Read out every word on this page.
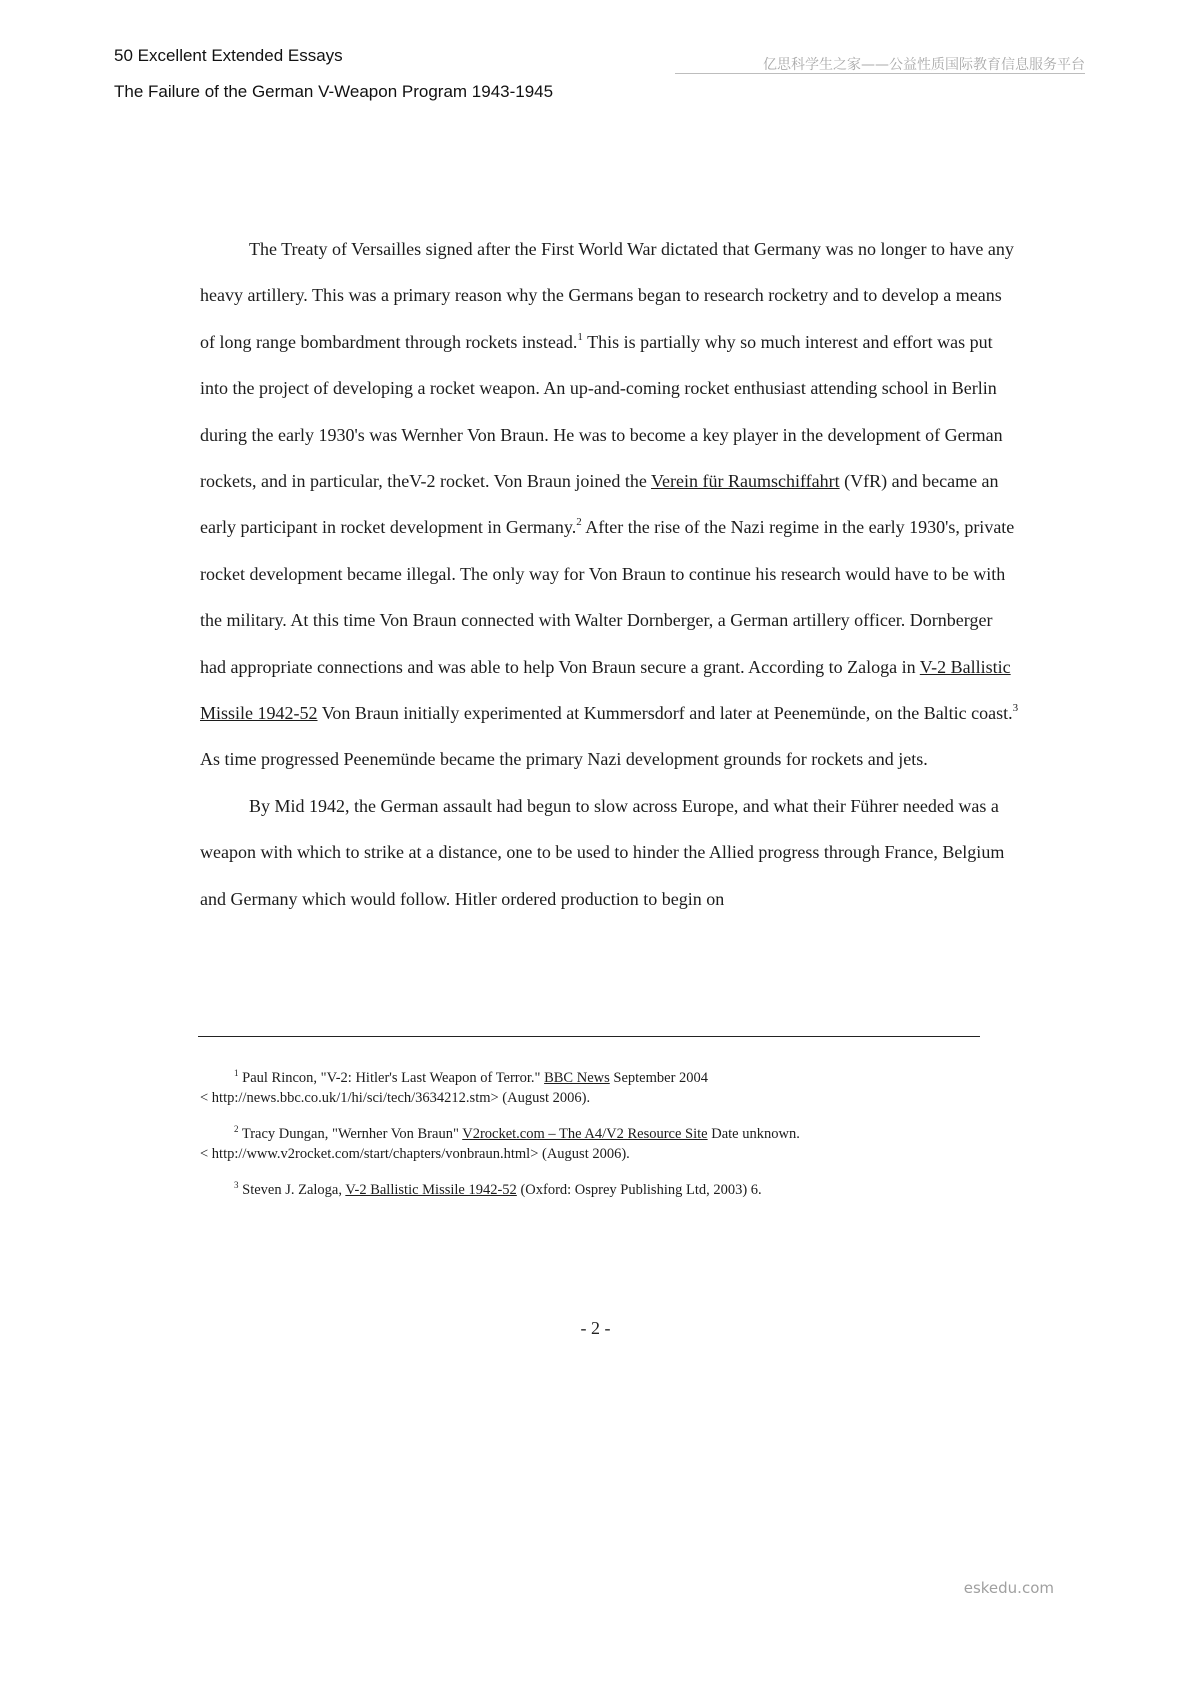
50 Excellent Extended Essays
The Failure of the German V-Weapon Program 1943-1945
亿思科学生之家——公益性质国际教育信息服务平台

The Treaty of Versailles signed after the First World War dictated that Germany was no longer to have any heavy artillery. This was a primary reason why the Germans began to research rocketry and to develop a means of long range bombardment through rockets instead.$^1$ This is partially why so much interest and effort was put into the project of developing a rocket weapon. An up-and-coming rocket enthusiast attending school in Berlin during the early 1930's was Wernher Von Braun. He was to become a key player in the development of German rockets, and in particular, theV-2 rocket. Von Braun joined the Verein für Raumschiffahrt (VfR) and became an early participant in rocket development in Germany.$^2$ After the rise of the Nazi regime in the early 1930's, private rocket development became illegal. The only way for Von Braun to continue his research would have to be with the military. At this time Von Braun connected with Walter Dornberger, a German artillery officer. Dornberger had appropriate connections and was able to help Von Braun secure a grant. According to Zaloga in V-2 Ballistic Missile 1942-52 Von Braun initially experimented at Kummersdorf and later at Peenemünde, on the Baltic coast.$^3$ As time progressed Peenemünde became the primary Nazi development grounds for rockets and jets.

By Mid 1942, the German assault had begun to slow across Europe, and what their Führer needed was a weapon with which to strike at a distance, one to be used to hinder the Allied progress through France, Belgium and Germany which would follow. Hitler ordered production to begin on

$^1$ Paul Rincon, "V-2: Hitler's Last Weapon of Terror." BBC News September 2004
< http://news.bbc.co.uk/1/hi/sci/tech/3634212.stm> (August 2006).

$^2$ Tracy Dungan, "Wernher Von Braun" V2rocket.com – The A4/V2 Resource Site Date unknown.
< http://www.v2rocket.com/start/chapters/vonbraun.html> (August 2006).

$^3$ Steven J. Zaloga, V-2 Ballistic Missile 1942-52 (Oxford: Osprey Publishing Ltd, 2003) 6.

- 2 -
eskedu.com
